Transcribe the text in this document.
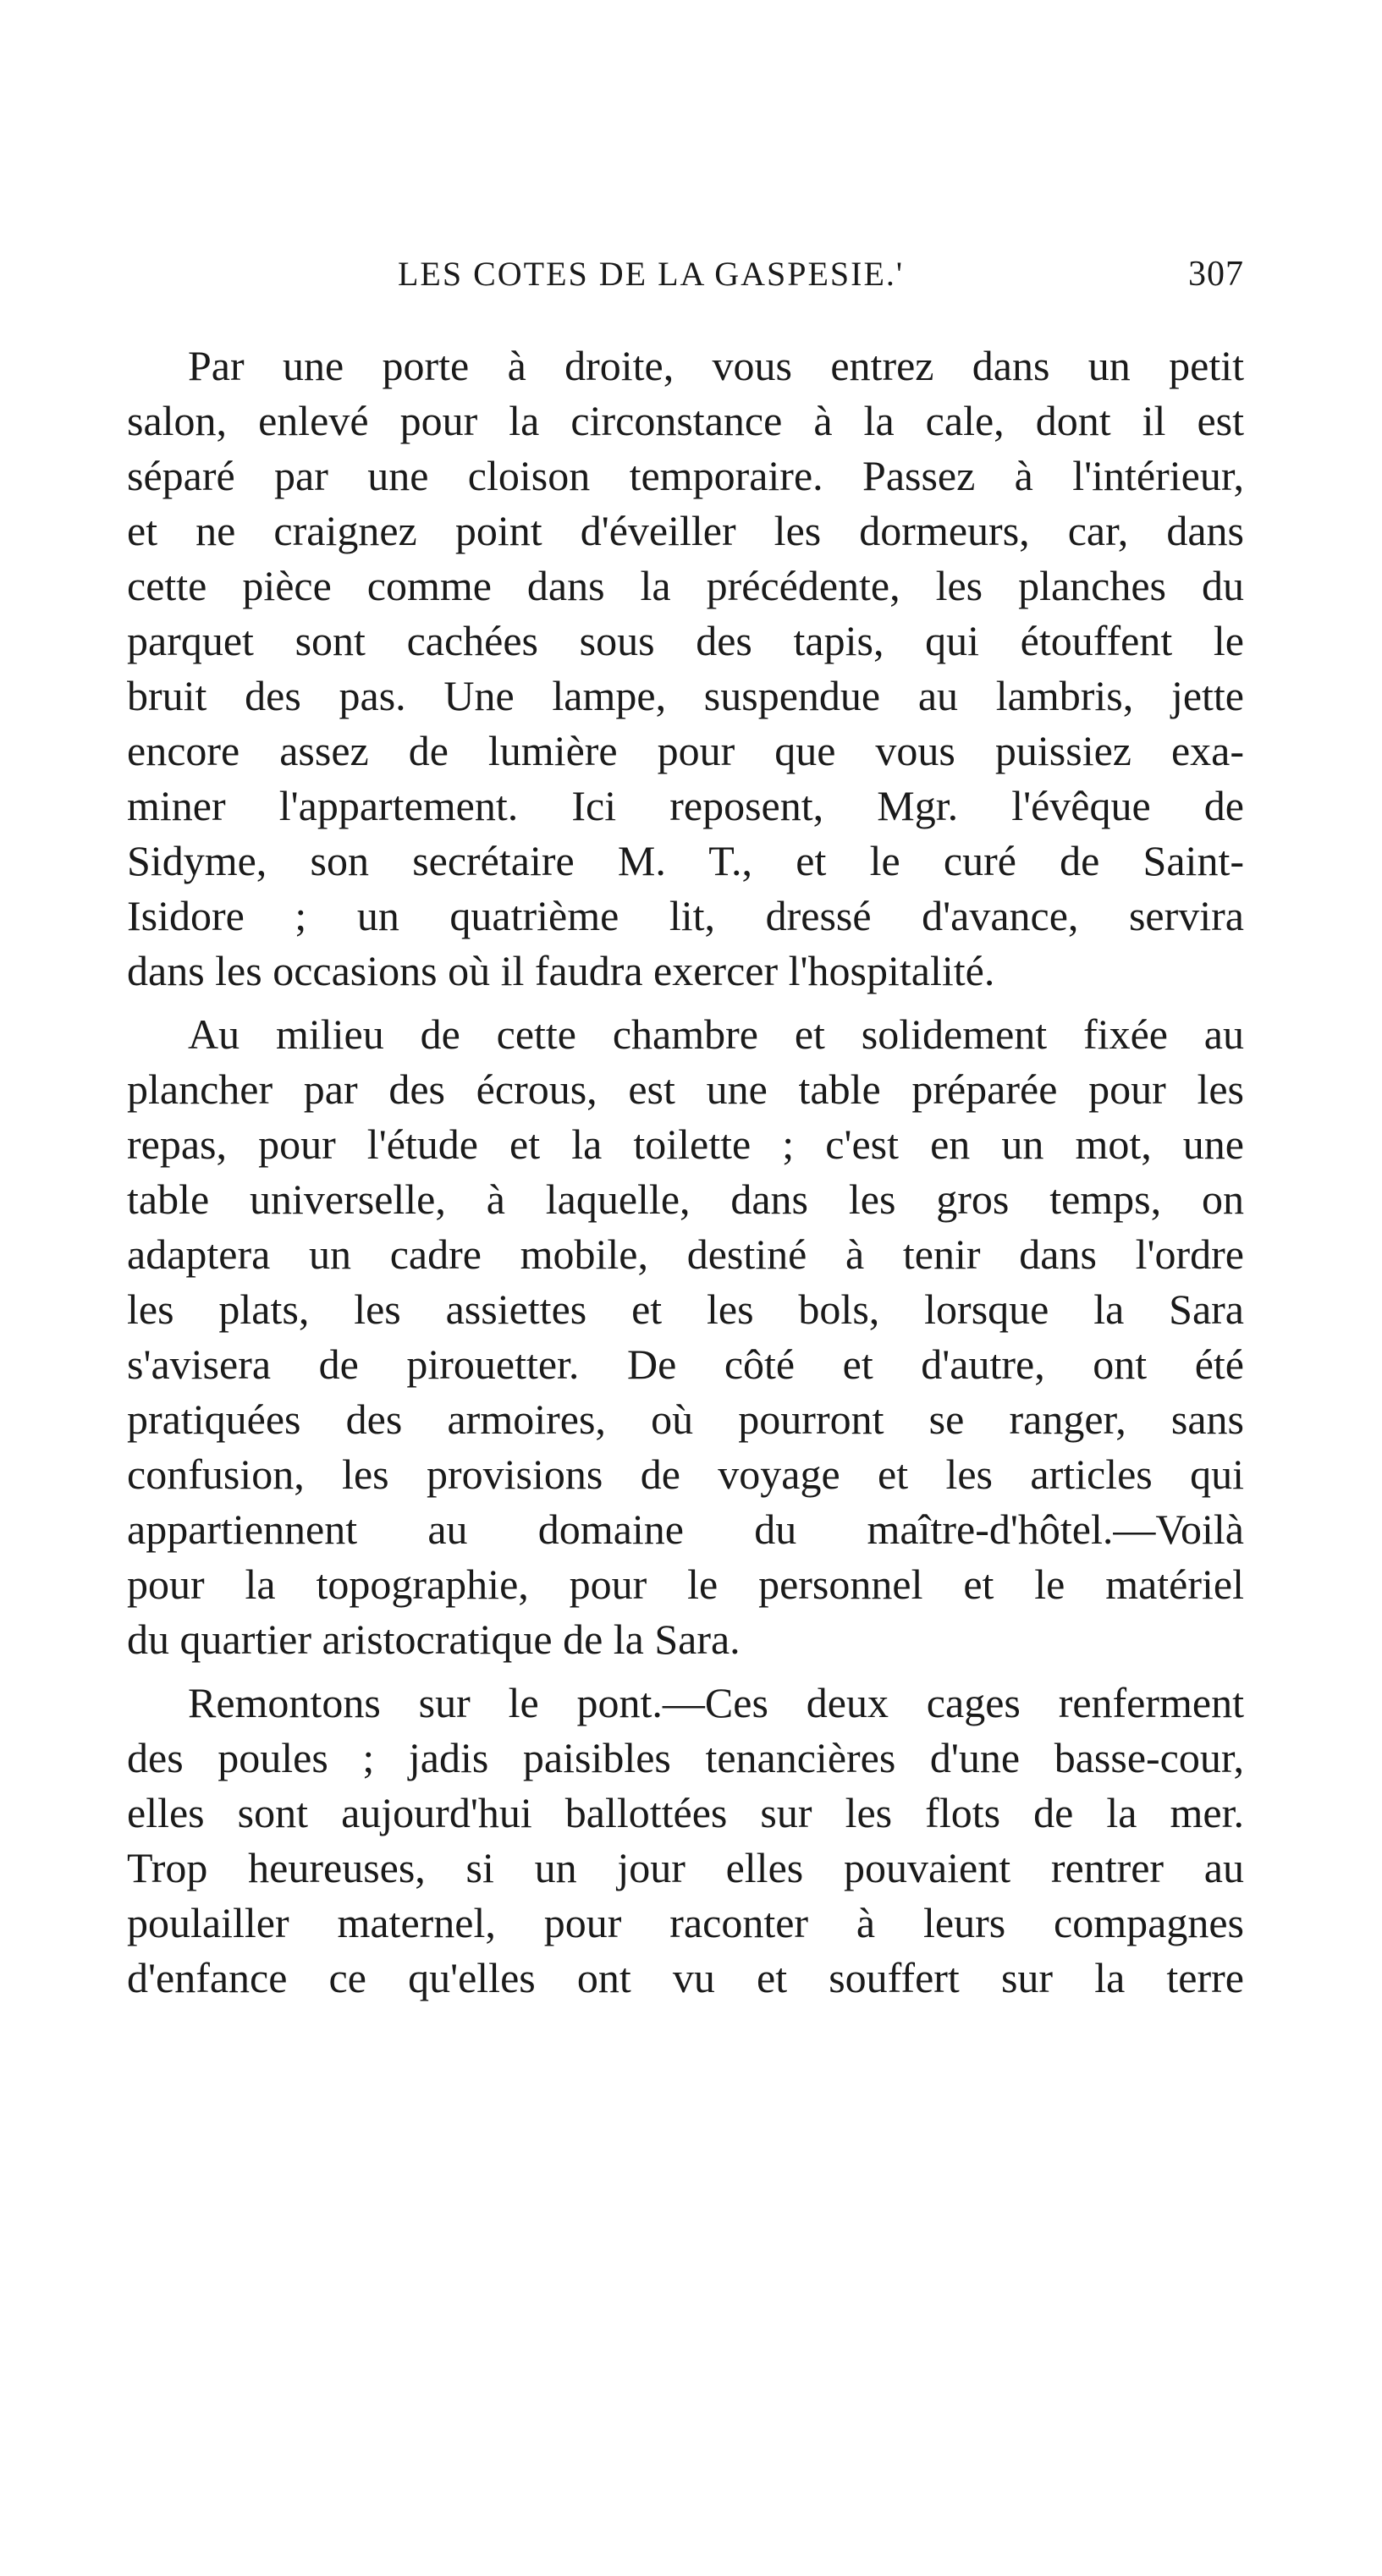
LES COTES DE LA GASPESIE.'	307
Par une porte à droite, vous entrez dans un petit
salon, enlevé pour la circonstance à la cale, dont il est
séparé par une cloison temporaire. Passez à l'intérieur,
et ne craignez point d'éveiller les dormeurs, car, dans
cette pièce comme dans la précédente, les planches du
parquet sont cachées sous des tapis, qui étouffent le
bruit des pas. Une lampe, suspendue au lambris, jette
encore assez de lumière pour que vous puissiez exa-
miner l'appartement. Ici reposent, Mgr. l'évêque de
Sidyme, son secrétaire M. T., et le curé de Saint-
Isidore ; un quatrième lit, dressé d'avance, servira
dans les occasions où il faudra exercer l'hospitalité.
Au milieu de cette chambre et solidement fixée au
plancher par des écrous, est une table préparée pour les
repas, pour l'étude et la toilette ; c'est en un mot, une
table universelle, à laquelle, dans les gros temps, on
adaptera un cadre mobile, destiné à tenir dans l'ordre
les plats, les assiettes et les bols, lorsque la Sara
s'avisera de pirouetter. De côté et d'autre, ont été
pratiquées des armoires, où pourront se ranger, sans
confusion, les provisions de voyage et les articles qui
appartiennent au domaine du maître-d'hôtel.—Voilà
pour la topographie, pour le personnel et le matériel
du quartier aristocratique de la Sara.
Remontons sur le pont.—Ces deux cages renferment
des poules ; jadis paisibles tenancières d'une basse-cour,
elles sont aujourd'hui ballottées sur les flots de la mer.
Trop heureuses, si un jour elles pouvaient rentrer au
poulailler maternel, pour raconter à leurs compagnes
d'enfance ce qu'elles ont vu et souffert sur la terre
